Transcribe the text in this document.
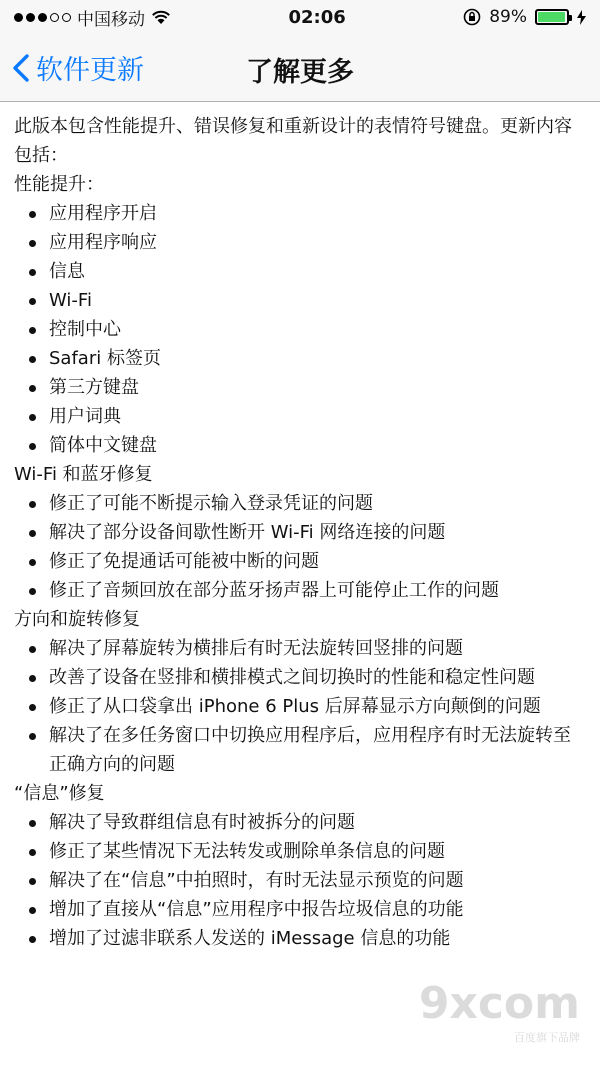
中国移动	02:06	89%
软件更新	了解更多

此版本包含性能提升、错误修复和重新设计的表情符号键盘。更新内容包括：

性能提升：

应用程序开启
应用程序响应
信息
Wi-Fi
控制中心
Safari 标签页
第三方键盘
用户词典
简体中文键盘

Wi-Fi 和蓝牙修复

修正了可能不断提示输入登录凭证的问题
解决了部分设备间歇性断开 Wi-Fi 网络连接的问题
修正了免提通话可能被中断的问题
修正了音频回放在部分蓝牙扬声器上可能停止工作的问题

方向和旋转修复

解决了屏幕旋转为横排后有时无法旋转回竖排的问题
改善了设备在竖排和横排模式之间切换时的性能和稳定性问题
修正了从口袋拿出 iPhone 6 Plus 后屏幕显示方向颠倒的问题
解决了在多任务窗口中切换应用程序后，应用程序有时无法旋转至正确方向的问题

“信息”修复

解决了导致群组信息有时被拆分的问题
修正了某些情况下无法转发或删除单条信息的问题
解决了在“信息”中拍照时，有时无法显示预览的问题
增加了直接从“信息”应用程序中报告垃圾信息的功能
增加了过滤非联系人发送的 iMessage 信息的功能
9xcom
百度旗下品牌
